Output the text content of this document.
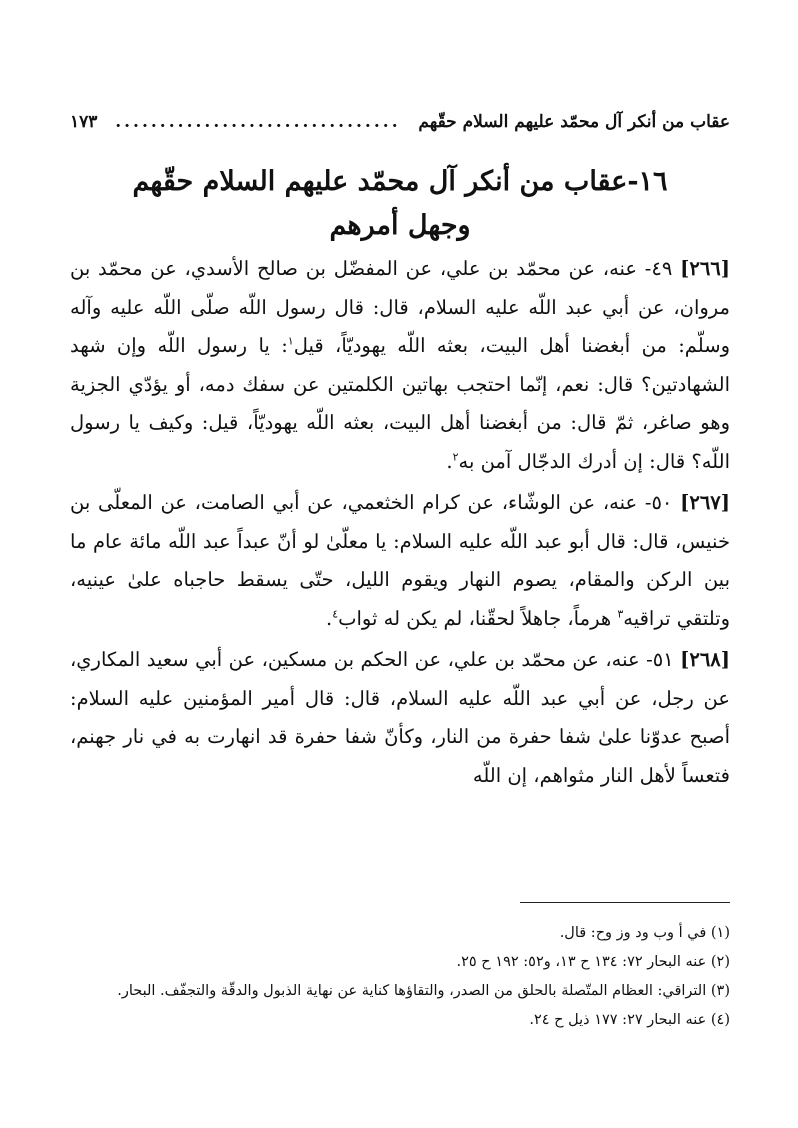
عقاب من أنكر آل محمّد عليهم السلام حقّهم
................................
١٧٣
١٦-عقاب من أنكر آل محمّد عليهم السلام حقّهم
وجهل أمرهم

[٢٦٦] ٤٩- عنه، عن محمّد بن علي، عن المفضّل بن صالح الأسدي، عن محمّد بن مروان، عن أبي عبد اللّه عليه السلام، قال: قال رسول اللّه صلّى اللّه عليه وآله وسلّم: من أبغضنا أهل البيت، بعثه اللّه يهوديّاً، قيل$^١$: يا رسول اللّه وإن شهد الشهادتين؟ قال: نعم، إنّما احتجب بهاتين الكلمتين عن سفك دمه، أو يؤدّي الجزية وهو صاغر، ثمّ قال: من أبغضنا أهل البيت، بعثه اللّه يهوديّاً، قيل: وكيف يا رسول اللّه؟ قال: إن أدرك الدجّال آمن به$^٢$.

[٢٦٧] ٥٠- عنه، عن الوشّاء، عن كرام الخثعمي، عن أبي الصامت، عن المعلّى بن خنيس، قال: قال أبو عبد اللّه عليه السلام: يا معلّىٰ لو أنّ عبداً عبد اللّه مائة عام ما بين الركن والمقام، يصوم النهار ويقوم الليل، حتّى يسقط حاجباه علىٰ عينيه، وتلتقي تراقيه$^٣$ هرماً، جاهلاً لحقّنا، لم يكن له ثواب$^٤$.

[٢٦٨] ٥١- عنه، عن محمّد بن علي، عن الحكم بن مسكين، عن أبي سعيد المكاري، عن رجل، عن أبي عبد اللّه عليه السلام، قال: قال أمير المؤمنين عليه السلام: أصبح عدوّنا علىٰ شفا حفرة من النار، وكأنّ شفا حفرة قد انهارت به في نار جهنم، فتعساً لأهل النار مثواهم، إن اللّه

(١) في أ وب ود وز وح: قال.

(٢) عنه البحار ٧٢: ١٣٤ ح ١٣، و٥٢: ١٩٢ ح ٢٥.

(٣) التراقي: العظام المتّصلة بالحلق من الصدر، والتقاؤها كناية عن نهاية الذبول والدقّة والتجفّف. البحار.

(٤) عنه البحار ٢٧: ١٧٧ ذيل ح ٢٤.
